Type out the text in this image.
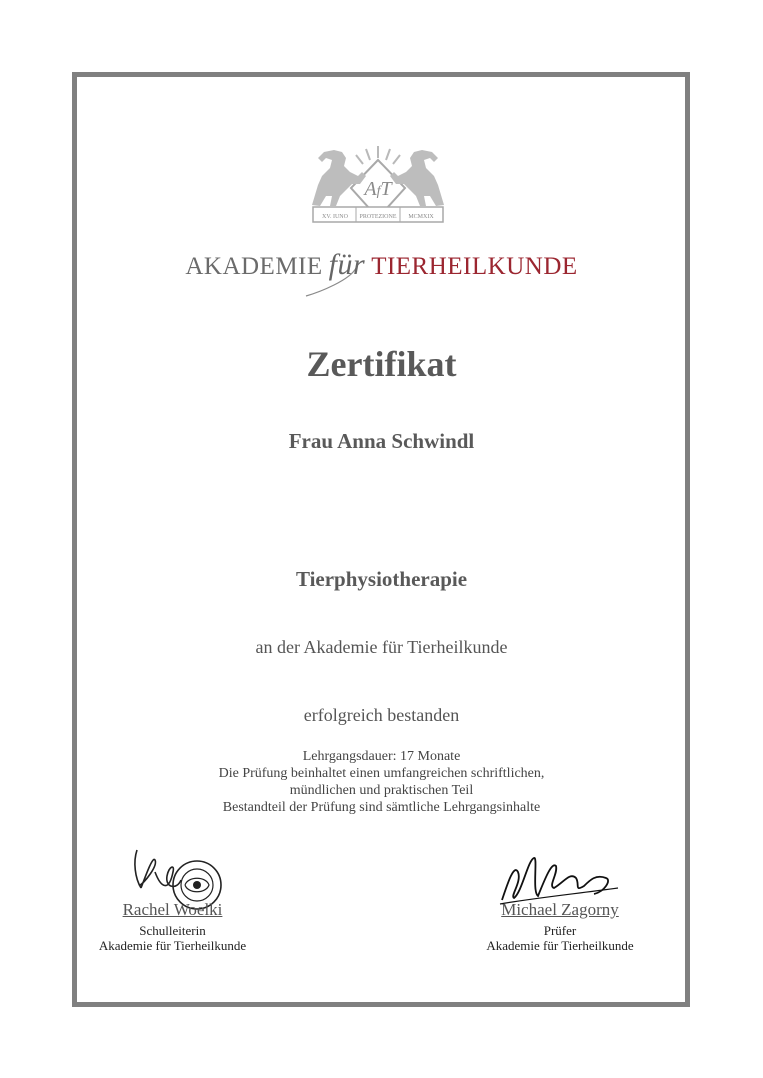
AfT
XV. IUNO PROTEZIONE MCMXIX
AKADEMIE für TIERHEILKUNDE
Zertifikat
Frau Anna Schwindl
Tierphysiotherapie
an der Akademie für Tierheilkunde
erfolgreich bestanden
Lehrgangsdauer: 17 Monate
Die Prüfung beinhaltet einen umfangreichen schriftlichen,
mündlichen und praktischen Teil
Bestandteil der Prüfung sind sämtliche Lehrgangsinhalte
Rachel Woelki
Schulleiterin
Akademie für Tierheilkunde
Michael Zagorny
Prüfer
Akademie für Tierheilkunde
